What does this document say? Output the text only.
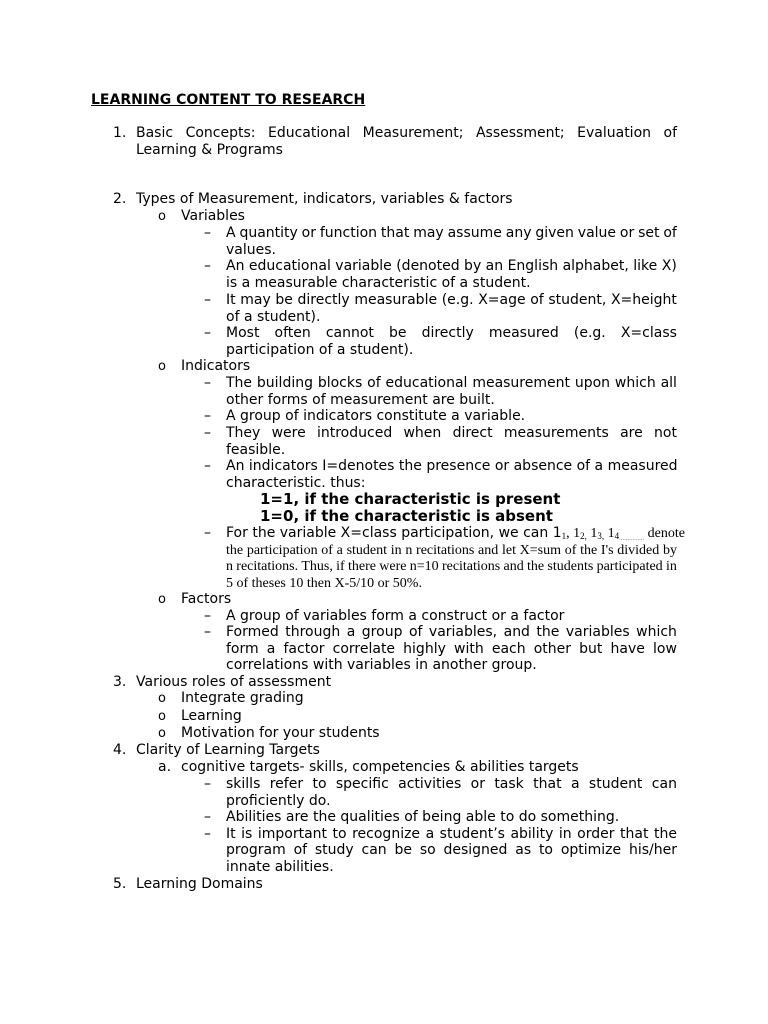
LEARNING CONTENT TO RESEARCH
1. Basic Concepts: Educational Measurement; Assessment; Evaluation of
Learning & Programs
2. Types of Measurement, indicators, variables & factors
o Variables
– A quantity or function that may assume any given value or set of
values.
– An educational variable (denoted by an English alphabet, like X)
is a measurable characteristic of a student.
– It may be directly measurable (e.g. X=age of student, X=height
of a student).
– Most often cannot be directly measured (e.g. X=class
participation of a student).
o Indicators
– The building blocks of educational measurement upon which all
other forms of measurement are built.
– A group of indicators constitute a variable.
– They were introduced when direct measurements are not
feasible.
– An indicators I=denotes the presence or absence of a measured
characteristic. thus:
1=1, if the characteristic is present
1=0, if the characteristic is absent
– For the variable X=class participation, we can $1_1$, $1_{2,}$ $1_{3,}$ $1_{4\dots\dots\dots\dots\dots}$ denote
the participation of a student in n recitations and let X=sum of the I's divided by
n recitations. Thus, if there were n=10 recitations and the students participated in
5 of theses 10 then X-5/10 or 50%.
o Factors
– A group of variables form a construct or a factor
– Formed through a group of variables, and the variables which
form a factor correlate highly with each other but have low
correlations with variables in another group.
3. Various roles of assessment
o Integrate grading
o Learning
o Motivation for your students
4. Clarity of Learning Targets
a. cognitive targets- skills, competencies & abilities targets
– skills refer to specific activities or task that a student can
proficiently do.
– Abilities are the qualities of being able to do something.
– It is important to recognize a student’s ability in order that the
program of study can be so designed as to optimize his/her
innate abilities.
5. Learning Domains
